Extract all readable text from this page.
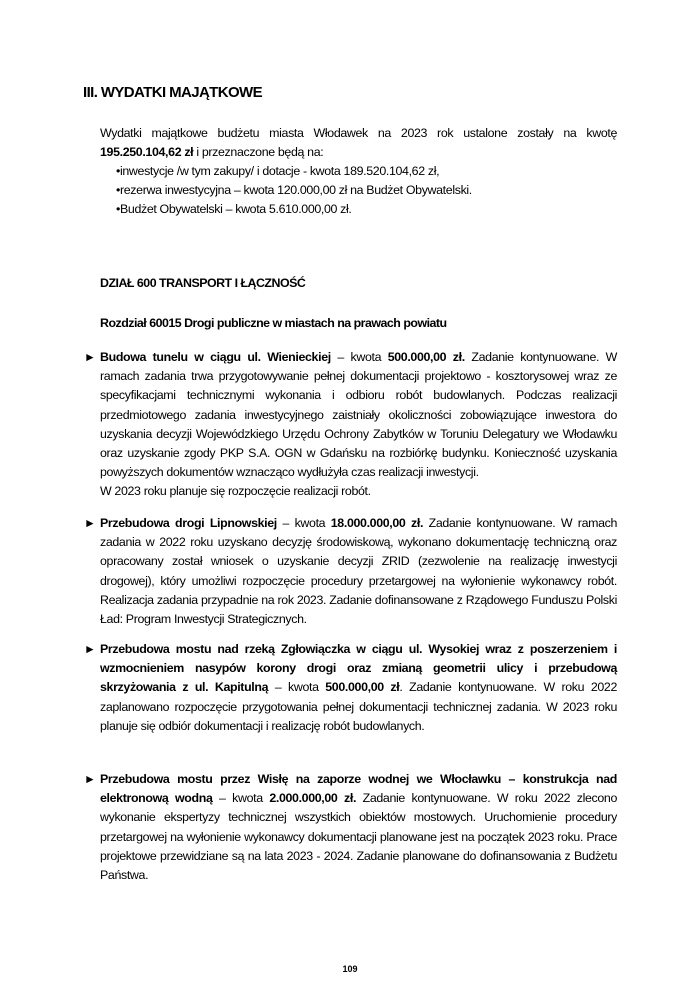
III. WYDATKI MAJĄTKOWE

Wydatki majątkowe budżetu miasta Włodawek na 2023 rok ustalone zostały na kwotę 195.250.104,62 zł i przeznaczone będą na:

•inwestycje /w tym zakupy/ i dotacje - kwota 189.520.104,62 zł,
•rezerwa inwestycyjna – kwota 120.000,00 zł na Budżet Obywatelski.
•Budżet Obywatelski – kwota 5.610.000,00 zł.
DZIAŁ 600 TRANSPORT I ŁĄCZNOŚĆ
Rozdział 60015 Drogi publiczne w miastach na prawach powiatu
► Budowa tunelu w ciągu ul. Wienieckiej – kwota 500.000,00 zł. Zadanie kontynuowane. W ramach zadania trwa przygotowywanie pełnej dokumentacji projektowo - kosztorysowej wraz ze specyfikacjami technicznymi wykonania i odbioru robót budowlanych. Podczas realizacji przedmiotowego zadania inwestycyjnego zaistniały okoliczności zobowiązujące inwestora do uzyskania decyzji Wojewódzkiego Urzędu Ochrony Zabytków w Toruniu Delegatury we Włodawku oraz uzyskanie zgody PKP S.A. OGN w Gdańsku na rozbiórkę budynku. Konieczność uzyskania powyższych dokumentów wznacząco wydłużyła czas realizacji inwestycji.

W 2023 roku planuje się rozpoczęcie realizacji robót.

► Przebudowa drogi Lipnowskiej – kwota 18.000.000,00 zł. Zadanie kontynuowane. W ramach zadania w 2022 roku uzyskano decyzję środowiskową, wykonano dokumentację techniczną oraz opracowany został wniosek o uzyskanie decyzji ZRID (zezwolenie na realizację inwestycji drogowej), który umożliwi rozpoczęcie procedury przetargowej na wyłonienie wykonawcy robót. Realizacja zadania przypadnie na rok 2023. Zadanie dofinansowane z Rządowego Funduszu Polski Ład: Program Inwestycji Strategicznych.

► Przebudowa mostu nad rzeką Zgłowiączka w ciągu ul. Wysokiej wraz z poszerzeniem i wzmocnieniem nasypów korony drogi oraz zmianą geometrii ulicy i przebudową skrzyżowania z ul. Kapitulną – kwota 500.000,00 zł. Zadanie kontynuowane. W roku 2022 zaplanowano rozpoczęcie przygotowania pełnej dokumentacji technicznej zadania. W 2023 roku planuje się odbiór dokumentacji i realizację robót budowlanych.

► Przebudowa mostu przez Wisłę na zaporze wodnej we Włocławku – konstrukcja nad elektronową wodną – kwota 2.000.000,00 zł. Zadanie kontynuowane. W roku 2022 zlecono wykonanie ekspertyzy technicznej wszystkich obiektów mostowych. Uruchomienie procedury przetargowej na wyłonienie wykonawcy dokumentacji planowane jest na początek 2023 roku. Prace projektowe przewidziane są na lata 2023 - 2024. Zadanie planowane do dofinansowania z Budżetu Państwa.

109
